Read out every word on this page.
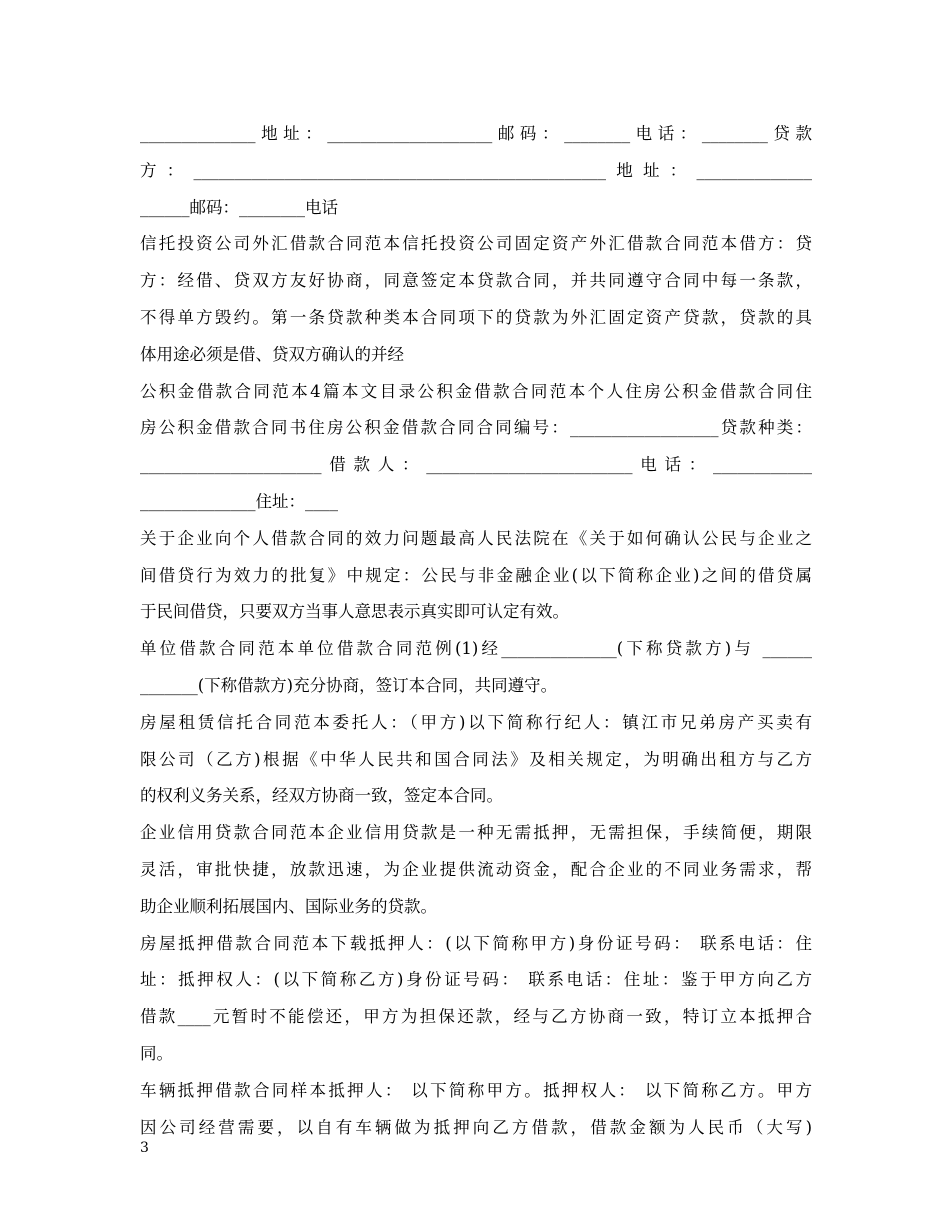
______________地址：____________________邮码：________电话：________贷款
方：__________________________________________________地址：______________
______邮码：________电话
信托投资公司外汇借款合同范本信托投资公司固定资产外汇借款合同范本借方：贷
方：经借、贷双方友好协商，同意签定本贷款合同，并共同遵守合同中每一条款，
不得单方毁约。第一条贷款种类本合同项下的贷款为外汇固定资产贷款，贷款的具
体用途必须是借、贷双方确认的并经
公积金借款合同范本4篇本文目录公积金借款合同范本个人住房公积金借款合同住
房公积金借款合同书住房公积金借款合同合同编号：__________________贷款种类：
______________________借款人：_________________________电话：____________
______________住址：____
关于企业向个人借款合同的效力问题最高人民法院在《关于如何确认公民与企业之
间借贷行为效力的批复》中规定：公民与非金融企业(以下简称企业)之间的借贷属
于民间借贷，只要双方当事人意思表示真实即可认定有效。
单位借款合同范本单位借款合同范例(1)经______________(下称贷款方)与 ______
_______(下称借款方)充分协商，签订本合同，共同遵守。
房屋租赁信托合同范本委托人：（甲方)以下简称行纪人：镇江市兄弟房产买卖有
限公司（乙方)根据《中华人民共和国合同法》及相关规定，为明确出租方与乙方
的权利义务关系，经双方协商一致，签定本合同。
企业信用贷款合同范本企业信用贷款是一种无需抵押，无需担保，手续简便，期限
灵活，审批快捷，放款迅速，为企业提供流动资金，配合企业的不同业务需求，帮
助企业顺利拓展国内、国际业务的贷款。
房屋抵押借款合同范本下载抵押人：(以下简称甲方)身份证号码： 联系电话：住
址：抵押权人：(以下简称乙方)身份证号码： 联系电话：住址：鉴于甲方向乙方
借款____元暂时不能偿还，甲方为担保还款，经与乙方协商一致，特订立本抵押合
同。
车辆抵押借款合同样本抵押人： 以下简称甲方。抵押权人： 以下简称乙方。甲方
因公司经营需要，以自有车辆做为抵押向乙方借款，借款金额为人民币（大写)
3
